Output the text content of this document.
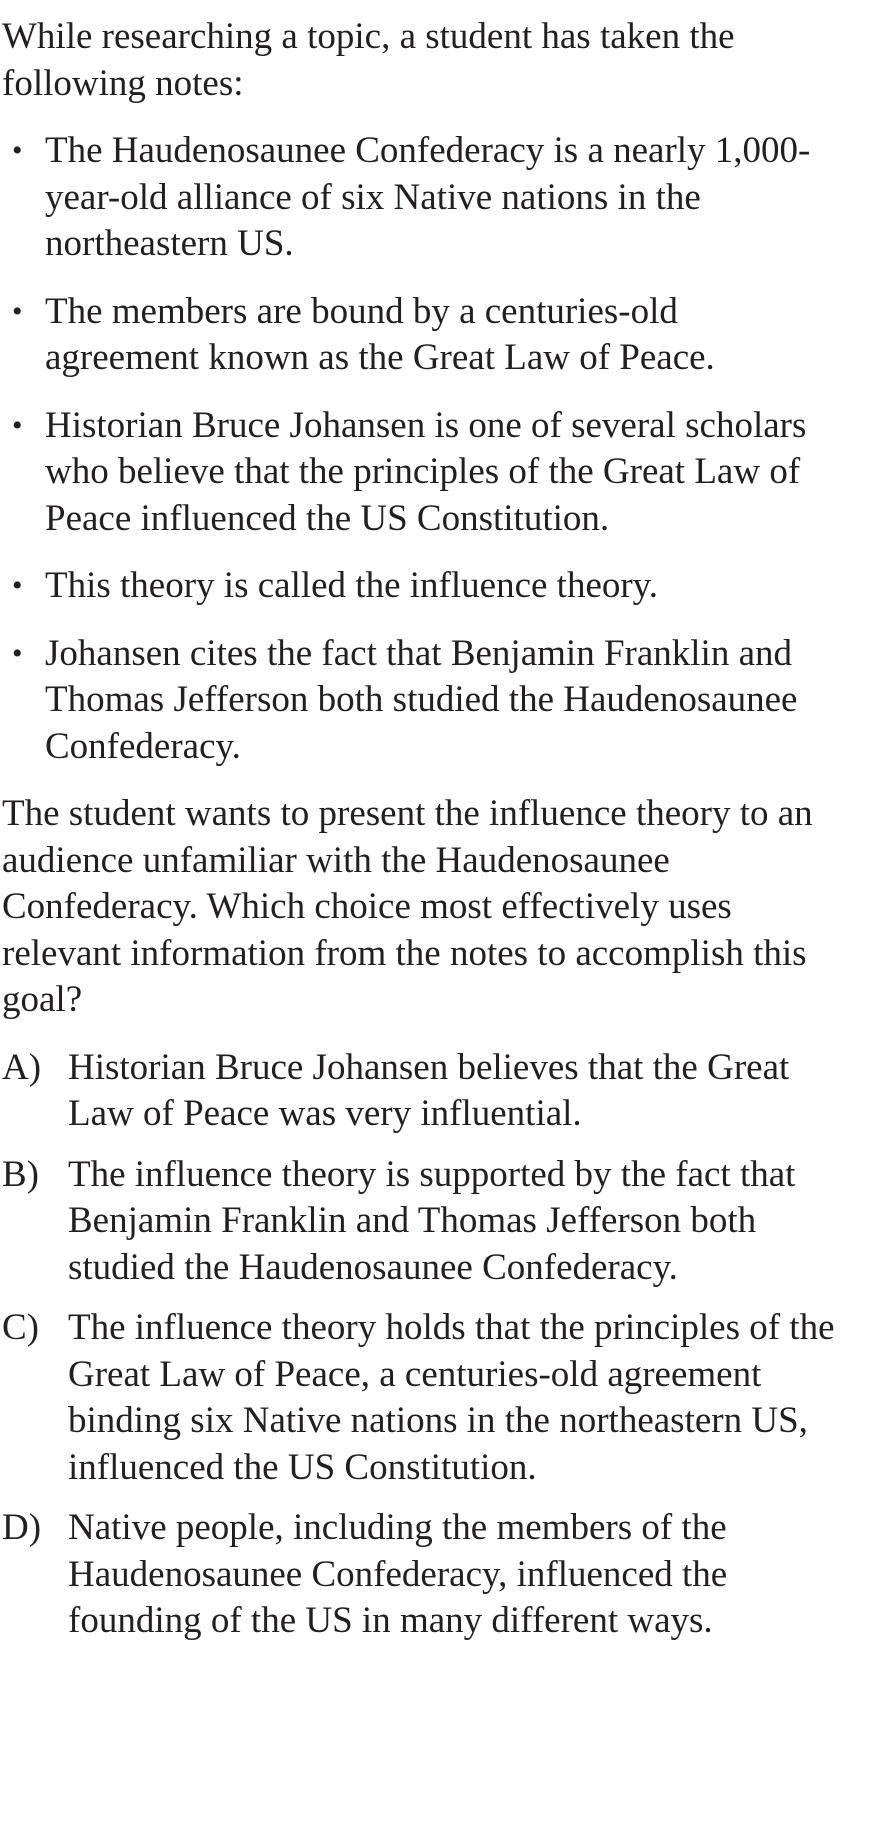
While researching a topic, a student has taken the following notes:

• The Haudenosaunee Confederacy is a nearly 1,000-year-old alliance of six Native nations in the northeastern US.
• The members are bound by a centuries-old agreement known as the Great Law of Peace.
• Historian Bruce Johansen is one of several scholars who believe that the principles of the Great Law of Peace influenced the US Constitution.
• This theory is called the influence theory.
• Johansen cites the fact that Benjamin Franklin and Thomas Jefferson both studied the Haudenosaunee Confederacy.

The student wants to present the influence theory to an audience unfamiliar with the Haudenosaunee Confederacy. Which choice most effectively uses relevant information from the notes to accomplish this goal?

A) Historian Bruce Johansen believes that the Great Law of Peace was very influential.
B) The influence theory is supported by the fact that Benjamin Franklin and Thomas Jefferson both studied the Haudenosaunee Confederacy.
C) The influence theory holds that the principles of the Great Law of Peace, a centuries-old agreement binding six Native nations in the northeastern US, influenced the US Constitution.
D) Native people, including the members of the Haudenosaunee Confederacy, influenced the founding of the US in many different ways.
